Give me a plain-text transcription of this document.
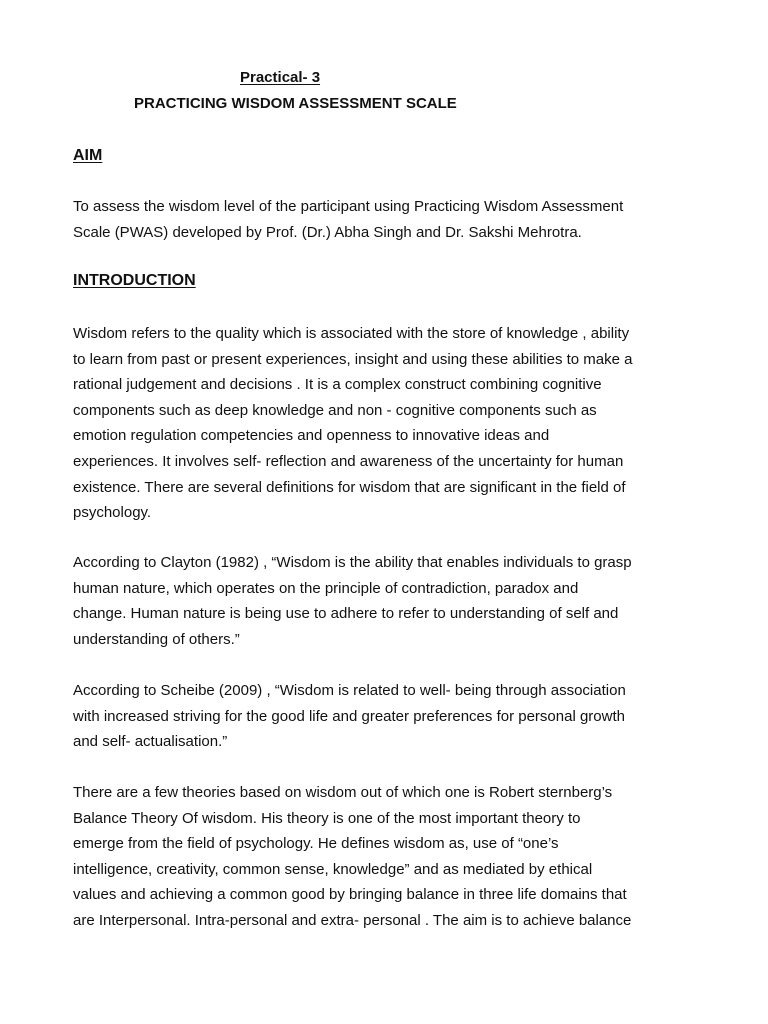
Practical- 3
PRACTICING WISDOM ASSESSMENT SCALE
AIM
To assess the wisdom level of the participant using Practicing Wisdom Assessment
Scale (PWAS) developed by Prof. (Dr.) Abha Singh and Dr. Sakshi Mehrotra.
INTRODUCTION
Wisdom refers to the quality which is associated with the store of knowledge , ability
to learn from past or present experiences, insight and using these abilities to make a
rational judgement and decisions . It is a complex construct combining cognitive
components such as deep knowledge and non - cognitive components such as
emotion regulation competencies and openness to innovative ideas and
experiences. It involves self- reflection and awareness of the uncertainty for human
existence. There are several definitions for wisdom that are significant in the field of
psychology.
According to Clayton (1982) , “Wisdom is the ability that enables individuals to grasp
human nature, which operates on the principle of contradiction, paradox and
change. Human nature is being use to adhere to refer to understanding of self and
understanding of others.”
According to Scheibe (2009) , “Wisdom is related to well- being through association
with increased striving for the good life and greater preferences for personal growth
and self- actualisation.”
There are a few theories based on wisdom out of which one is Robert sternberg’s
Balance Theory Of wisdom. His theory is one of the most important theory to
emerge from the field of psychology. He defines wisdom as, use of “one’s
intelligence, creativity, common sense, knowledge” and as mediated by ethical
values and achieving a common good by bringing balance in three life domains that
are Interpersonal. Intra-personal and extra- personal . The aim is to achieve balance
